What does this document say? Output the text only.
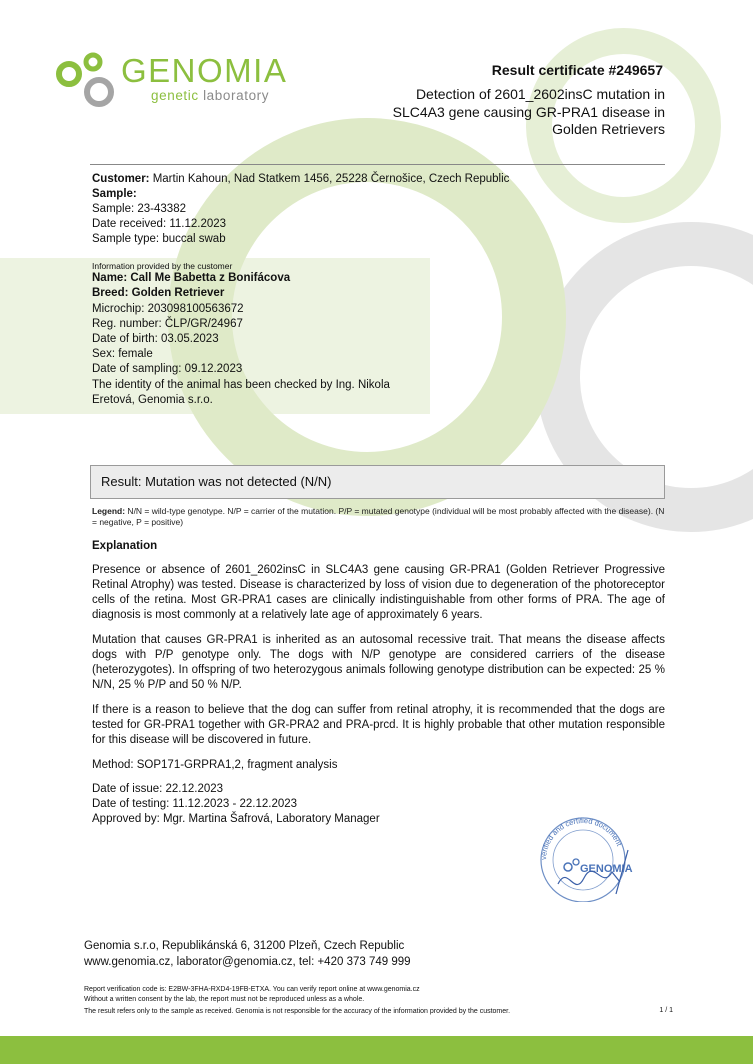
GENOMIA
genetic laboratory
Result certificate #249657
Detection of 2601_2602insC mutation in SLC4A3 gene causing GR-PRA1 disease in Golden Retrievers
Customer: Martin Kahoun, Nad Statkem 1456, 25228 Černošice, Czech Republic
Sample:
Sample: 23-43382
Date received: 11.12.2023
Sample type: buccal swab
Information provided by the customer
Name: Call Me Babetta z Bonifácova
Breed: Golden Retriever
Microchip: 203098100563672
Reg. number: ČLP/GR/24967
Date of birth: 03.05.2023
Sex: female
Date of sampling: 09.12.2023
The identity of the animal has been checked by Ing. Nikola
Eretová, Genomia s.r.o.
Result: Mutation was not detected (N/N)
Legend: N/N = wild-type genotype. N/P = carrier of the mutation. P/P = mutated genotype (individual will be most probably affected with the disease). (N = negative, P = positive)
Explanation
Presence or absence of 2601_2602insC in SLC4A3 gene causing GR-PRA1 (Golden Retriever Progressive Retinal Atrophy) was tested. Disease is characterized by loss of vision due to degeneration of the photoreceptor cells of the retina. Most GR-PRA1 cases are clinically indistinguishable from other forms of PRA. The age of diagnosis is most commonly at a relatively late age of approximately 6 years.
Mutation that causes GR-PRA1 is inherited as an autosomal recessive trait. That means the disease affects dogs with P/P genotype only. The dogs with N/P genotype are considered carriers of the disease (heterozygotes). In offspring of two heterozygous animals following genotype distribution can be expected: 25 % N/N, 25 % P/P and 50 % N/P.
If there is a reason to believe that the dog can suffer from retinal atrophy, it is recommended that the dogs are tested for GR-PRA1 together with GR-PRA2 and PRA-prcd. It is highly probable that other mutation responsible for this disease will be discovered in future.
Method: SOP171-GRPRA1,2, fragment analysis
Date of issue: 22.12.2023
Date of testing: 11.12.2023 - 22.12.2023
Approved by: Mgr. Martina Šafrová, Laboratory Manager
verified and certified document
GENOMIA
Genomia s.r.o, Republikánská 6, 31200 Plzeň, Czech Republic
www.genomia.cz, laborator@genomia.cz, tel: +420 373 749 999
Report verification code is: E2BW-3FHA-RXD4-19FB-ETXA. You can verify report online at www.genomia.cz
Without a written consent by the lab, the report must not be reproduced unless as a whole.
The result refers only to the sample as received. Genomia is not responsible for the accuracy of the information provided by the customer.	1 / 1
